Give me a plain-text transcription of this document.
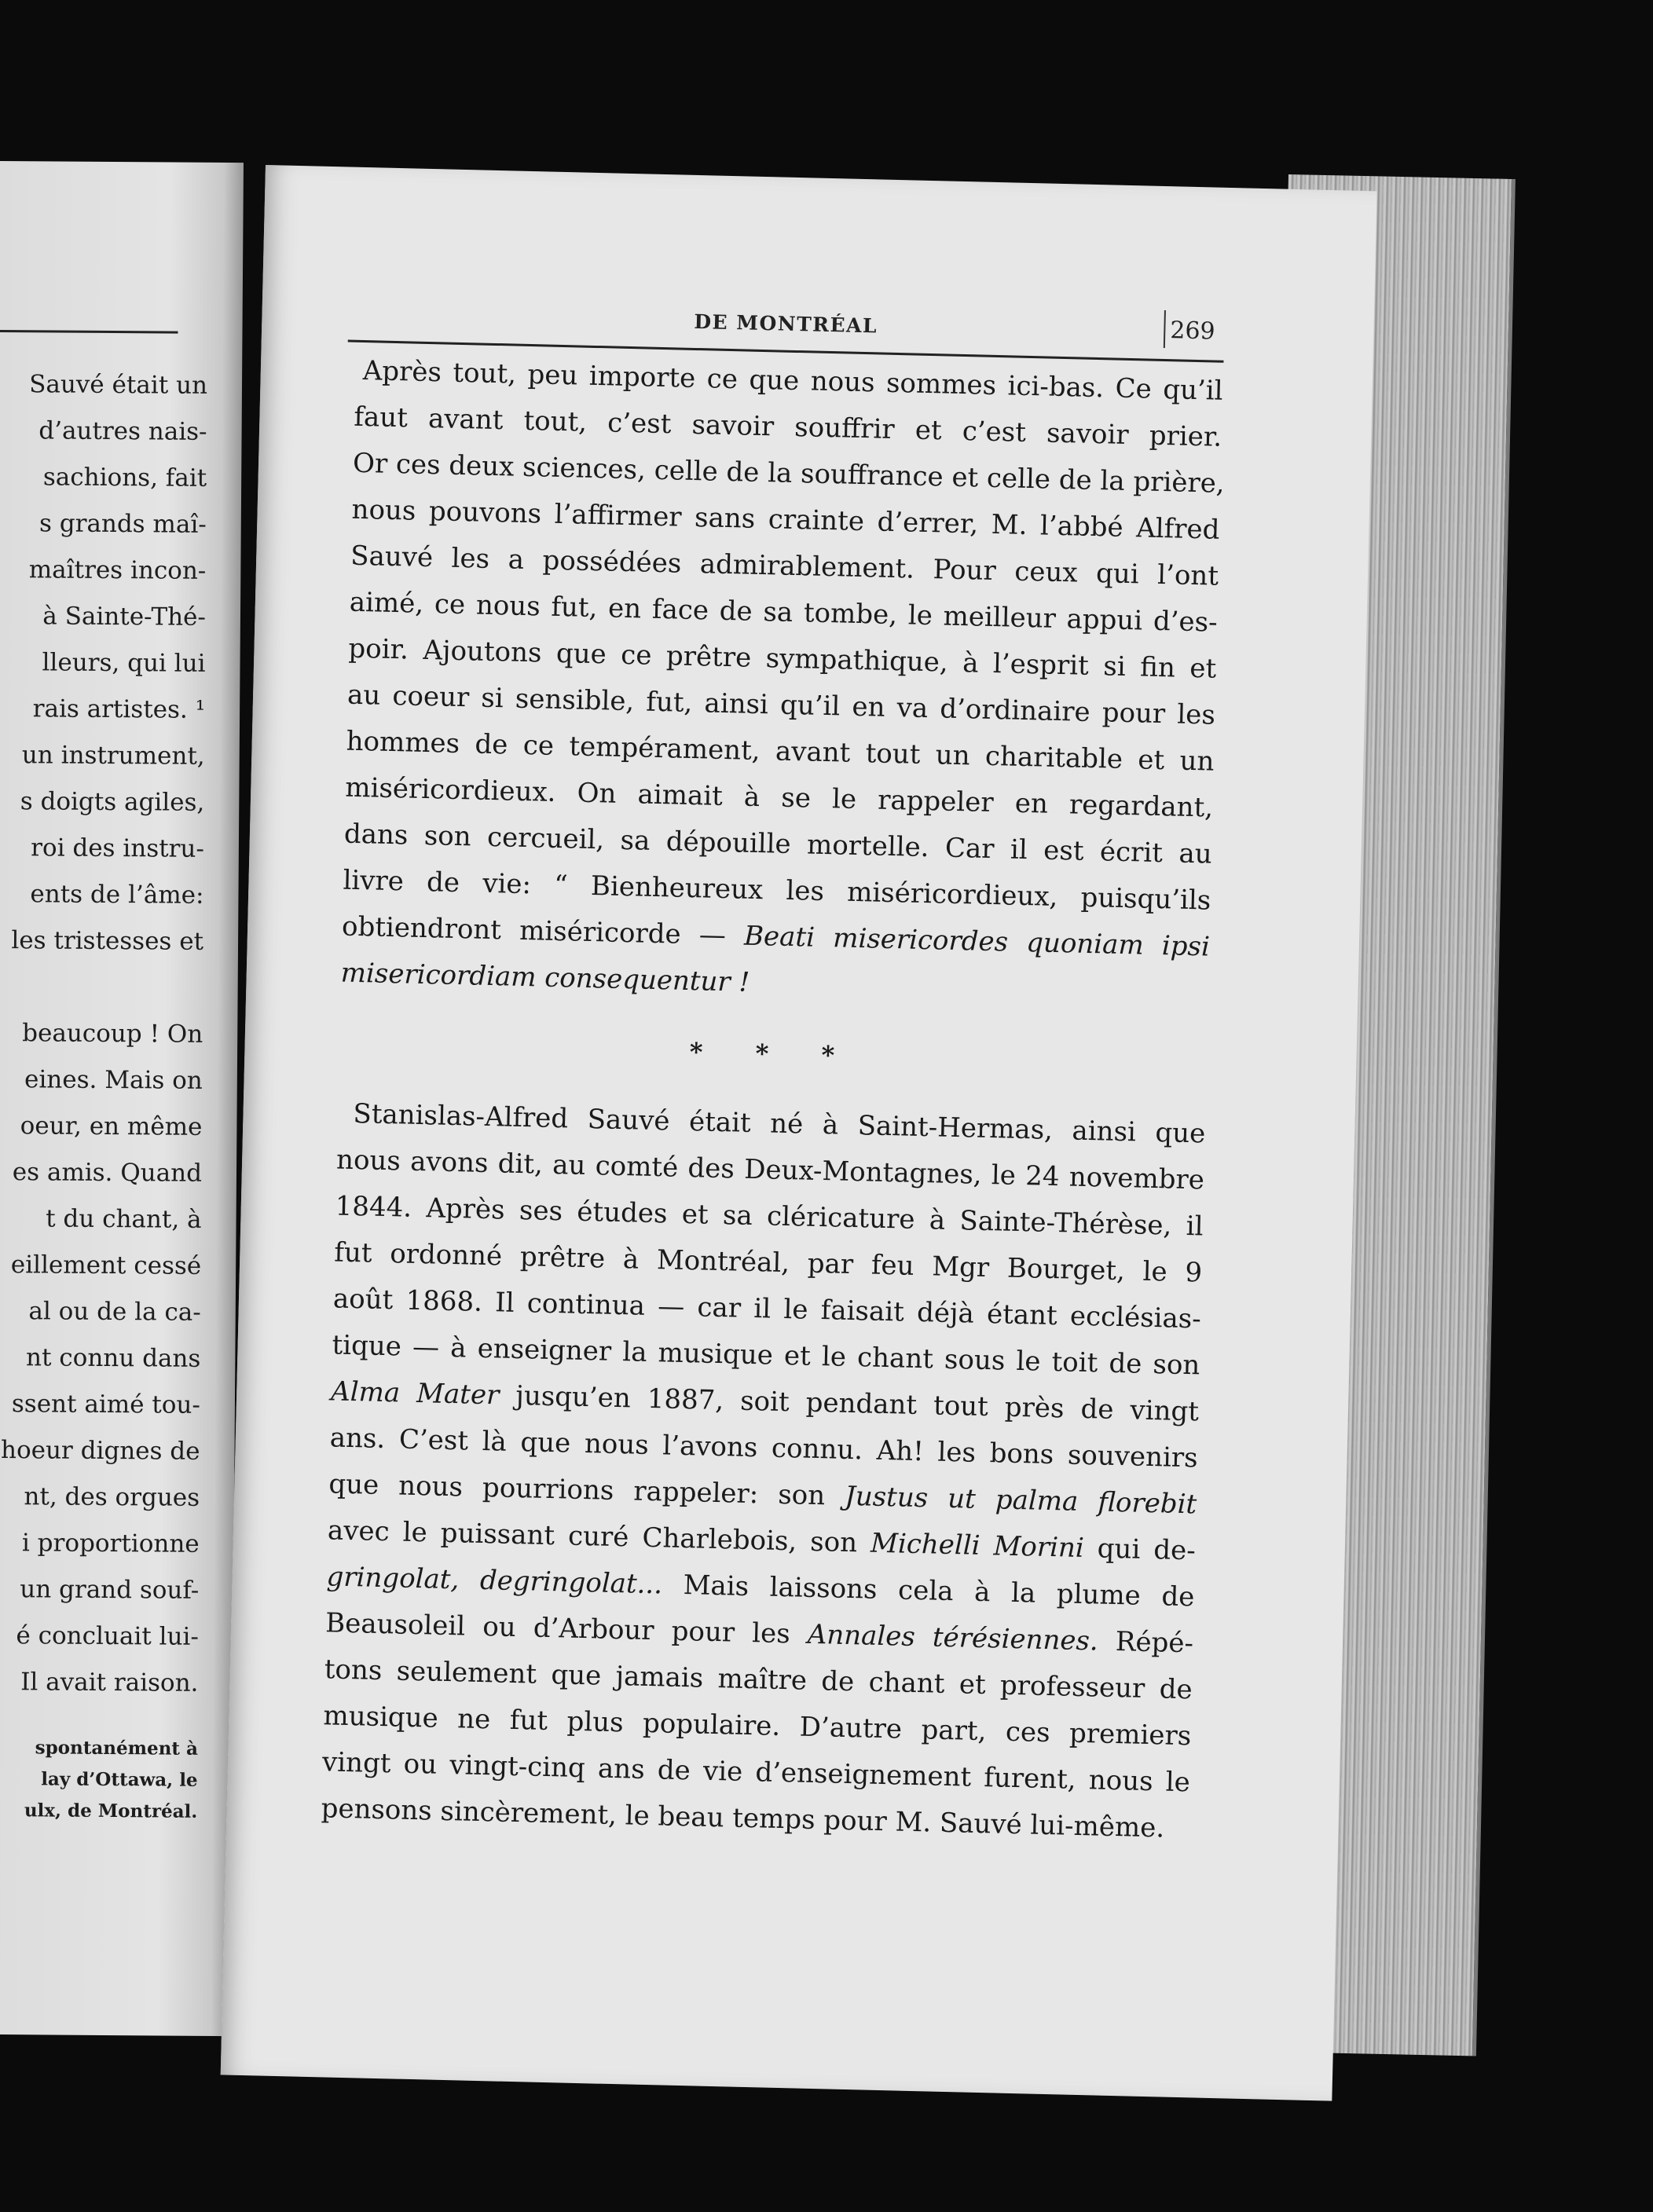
Sauvé était un
d’autres nais-
sachions, fait
s grands maî-
maîtres incon-
à Sainte-Thé-
lleurs, qui lui
rais artistes. ¹
un instrument,
s doigts agiles,
roi des instru-
ents de l’âme:
les tristesses et
beaucoup ! On
eines. Mais on
oeur, en même
es amis. Quand
t du chant, à
eillement cessé
al ou de la ca-
nt connu dans
ssent aimé tou-
hoeur dignes de
nt, des orgues
i proportionne
un grand souf-
é concluait lui-
Il avait raison.
spontanément à
lay d’Ottawa, le
ulx, de Montréal.
DE MONTRÉAL	269
Après tout, peu importe ce que nous sommes ici-bas. Ce qu’il
faut avant tout, c’est savoir souffrir et c’est savoir prier.
Or ces deux sciences, celle de la souffrance et celle de la prière,
nous pouvons l’affirmer sans crainte d’errer, M. l’abbé Alfred
Sauvé les a possédées admirablement. Pour ceux qui l’ont
aimé, ce nous fut, en face de sa tombe, le meilleur appui d’es-
poir. Ajoutons que ce prêtre sympathique, à l’esprit si fin et
au coeur si sensible, fut, ainsi qu’il en va d’ordinaire pour les
hommes de ce tempérament, avant tout un charitable et un
miséricordieux. On aimait à se le rappeler en regardant,
dans son cercueil, sa dépouille mortelle. Car il est écrit au
livre de vie: “ Bienheureux les miséricordieux, puisqu’ils
obtiendront miséricorde — Beati misericordes quoniam ipsi
misericordiam consequentur !
* * *
Stanislas-Alfred Sauvé était né à Saint-Hermas, ainsi que
nous avons dit, au comté des Deux-Montagnes, le 24 novembre
1844. Après ses études et sa cléricature à Sainte-Thérèse, il
fut ordonné prêtre à Montréal, par feu Mgr Bourget, le 9
août 1868. Il continua — car il le faisait déjà étant ecclésias-
tique — à enseigner la musique et le chant sous le toit de son
Alma Mater jusqu’en 1887, soit pendant tout près de vingt
ans. C’est là que nous l’avons connu. Ah! les bons souvenirs
que nous pourrions rappeler: son Justus ut palma florebit
avec le puissant curé Charlebois, son Michelli Morini qui de-
gringolat, degringolat... Mais laissons cela à la plume de
Beausoleil ou d’Arbour pour les Annales térésiennes. Répé-
tons seulement que jamais maître de chant et professeur de
musique ne fut plus populaire. D’autre part, ces premiers
vingt ou vingt-cinq ans de vie d’enseignement furent, nous le
pensons sincèrement, le beau temps pour M. Sauvé lui-même.
